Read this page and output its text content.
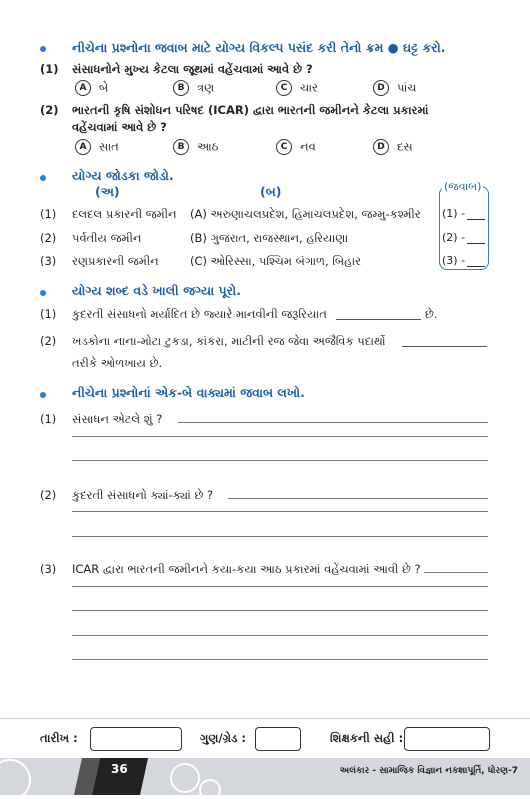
નીચેના પ્રશ્નોના જવાબ માટે યોગ્ય વિકલ્પ પસંદ કરી તેનો ક્રમ ● ઘટ્ટ કરો.
(1) સંસાધનોને મુખ્ય કેટલા જૂથમાં વહેંચવામાં આવે છે ?
A બે	B ત્રણ	C ચાર	D પાંચ
(2) ભારતની કૃષિ સંશોધન પરિષદ (ICAR) દ્વારા ભારતની જમીનને કેટલા પ્રકારમાં
વહેંચવામાં આવે છે ?
A સાત	B આઠ	C નવ	D દસ
યોગ્ય જોડકા જોડો.
(અ)	(બ)	(જવાબ)
(1) દલદલ પ્રકારની જમીન (A) અરુણાચલપ્રદેશ, હિમાચલપ્રદેશ, જમ્મુ-કશ્મીર (1) -
(2) પર્વતીય જમીન	(B) ગુજરાત, રાજસ્થાન, હરિયાણા	(2) -
(3) રણપ્રકારની જમીન	(C) ઓરિસ્સા, પશ્ચિમ બંગાળ, બિહાર	(3) -
યોગ્ય શબ્દ વડે ખાલી જગ્યા પૂરો.
(1) કુદરતી સંસાધનો મર્યાદિત છે જ્યારે માનવીની જરૂરિયાત	છે.
(2) ખડકોના નાના-મોટા ટુકડા, કાંકરા, માટીની રજ જેવા અજૈવિક પદાર્થો
તરીકે ઓળખાય છે.
નીચેના પ્રશ્નોનાં એક-બે વાક્યમાં જવાબ લખો.
(1) સંસાધન એટલે શું ?
(2) કુદરતી સંસાધનો ક્યાં-ક્યાં છે ?
(3) ICAR દ્વારા ભારતની જમીનને કયા-કયા આઠ પ્રકારમાં વહેંચવામાં આવી છે ?
તારીખ :	ગુણ/ગ્રેડ :	શિક્ષકની સહી :
36	અલંકાર - સામાજિક વિજ્ઞાન નકશાપૂર્તિ, ધોરણ-7
